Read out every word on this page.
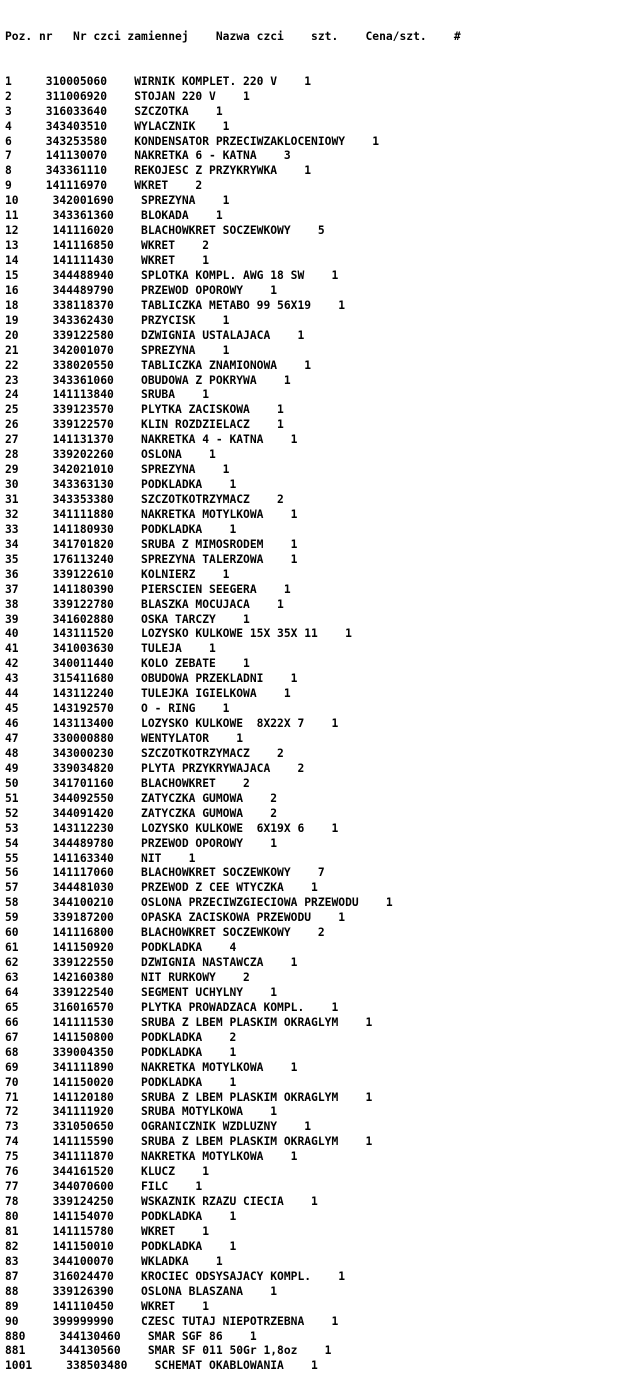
Poz. nr   Nr czci zamiennej    Nazwa czci    szt.    Cena/szt.    #

1     310005060    WIRNIK KOMPLET. 220 V    1
2     311006920    STOJAN 220 V    1
3     316033640    SZCZOTKA    1
4     343403510    WYLACZNIK    1
6     343253580    KONDENSATOR PRZECIWZAKLOCENIOWY    1
7     141130070    NAKRETKA 6 - KATNA    3
8     343361110    REKOJESC Z PRZYKRYWKA    1
9     141116970    WKRET    2
10     342001690    SPREZYNA    1
11     343361360    BLOKADA    1
12     141116020    BLACHOWKRET SOCZEWKOWY    5
13     141116850    WKRET    2
14     141111430    WKRET    1
15     344488940    SPLOTKA KOMPL. AWG 18 SW    1
16     344489790    PRZEWOD OPOROWY    1
18     338118370    TABLICZKA METABO 99 56X19    1
19     343362430    PRZYCISK    1
20     339122580    DZWIGNIA USTALAJACA    1
21     342001070    SPREZYNA    1
22     338020550    TABLICZKA ZNAMIONOWA    1
23     343361060    OBUDOWA Z POKRYWA    1
24     141113840    SRUBA    1
25     339123570    PLYTKA ZACISKOWA    1
26     339122570    KLIN ROZDZIELACZ    1
27     141131370    NAKRETKA 4 - KATNA    1
28     339202260    OSLONA    1
29     342021010    SPREZYNA    1
30     343363130    PODKLADKA    1
31     343353380    SZCZOTKOTRZYMACZ    2
32     341111880    NAKRETKA MOTYLKOWA    1
33     141180930    PODKLADKA    1
34     341701820    SRUBA Z MIMOSRODEM    1
35     176113240    SPREZYNA TALERZOWA    1
36     339122610    KOLNIERZ    1
37     141180390    PIERSCIEN SEEGERA    1
38     339122780    BLASZKA MOCUJACA    1
39     341602880    OSKA TARCZY    1
40     143111520    LOZYSKO KULKOWE 15X 35X 11    1
41     341003630    TULEJA    1
42     340011440    KOLO ZEBATE    1
43     315411680    OBUDOWA PRZEKLADNI    1
44     143112240    TULEJKA IGIELKOWA    1
45     143192570    O - RING    1
46     143113400    LOZYSKO KULKOWE  8X22X 7    1
47     330000880    WENTYLATOR    1
48     343000230    SZCZOTKOTRZYMACZ    2
49     339034820    PLYTA PRZYKRYWAJACA    2
50     341701160    BLACHOWKRET    2
51     344092550    ZATYCZKA GUMOWA    2
52     344091420    ZATYCZKA GUMOWA    2
53     143112230    LOZYSKO KULKOWE  6X19X 6    1
54     344489780    PRZEWOD OPOROWY    1
55     141163340    NIT    1
56     141117060    BLACHOWKRET SOCZEWKOWY    7
57     344481030    PRZEWOD Z CEE WTYCZKA    1
58     344100210    OSLONA PRZECIWZGIECIOWA PRZEWODU    1
59     339187200    OPASKA ZACISKOWA PRZEWODU    1
60     141116800    BLACHOWKRET SOCZEWKOWY    2
61     141150920    PODKLADKA    4
62     339122550    DZWIGNIA NASTAWCZA    1
63     142160380    NIT RURKOWY    2
64     339122540    SEGMENT UCHYLNY    1
65     316016570    PLYTKA PROWADZACA KOMPL.    1
66     141111530    SRUBA Z LBEM PLASKIM OKRAGLYM    1
67     141150800    PODKLADKA    2
68     339004350    PODKLADKA    1
69     341111890    NAKRETKA MOTYLKOWA    1
70     141150020    PODKLADKA    1
71     141120180    SRUBA Z LBEM PLASKIM OKRAGLYM    1
72     341111920    SRUBA MOTYLKOWA    1
73     331050650    OGRANICZNIK WZDLUZNY    1
74     141115590    SRUBA Z LBEM PLASKIM OKRAGLYM    1
75     341111870    NAKRETKA MOTYLKOWA    1
76     344161520    KLUCZ    1
77     344070600    FILC    1
78     339124250    WSKAZNIK RZAZU CIECIA    1
80     141154070    PODKLADKA    1
81     141115780    WKRET    1
82     141150010    PODKLADKA    1
83     344100070    WKLADKA    1
87     316024470    KROCIEC ODSYSAJACY KOMPL.    1
88     339126390    OSLONA BLASZANA    1
89     141110450    WKRET    1
90     399999990    CZESC TUTAJ NIEPOTRZEBNA    1
880     344130460    SMAR SGF 86    1
881     344130560    SMAR SF 011 50Gr 1,8oz    1
1001     338503480    SCHEMAT OKABLOWANIA    1
